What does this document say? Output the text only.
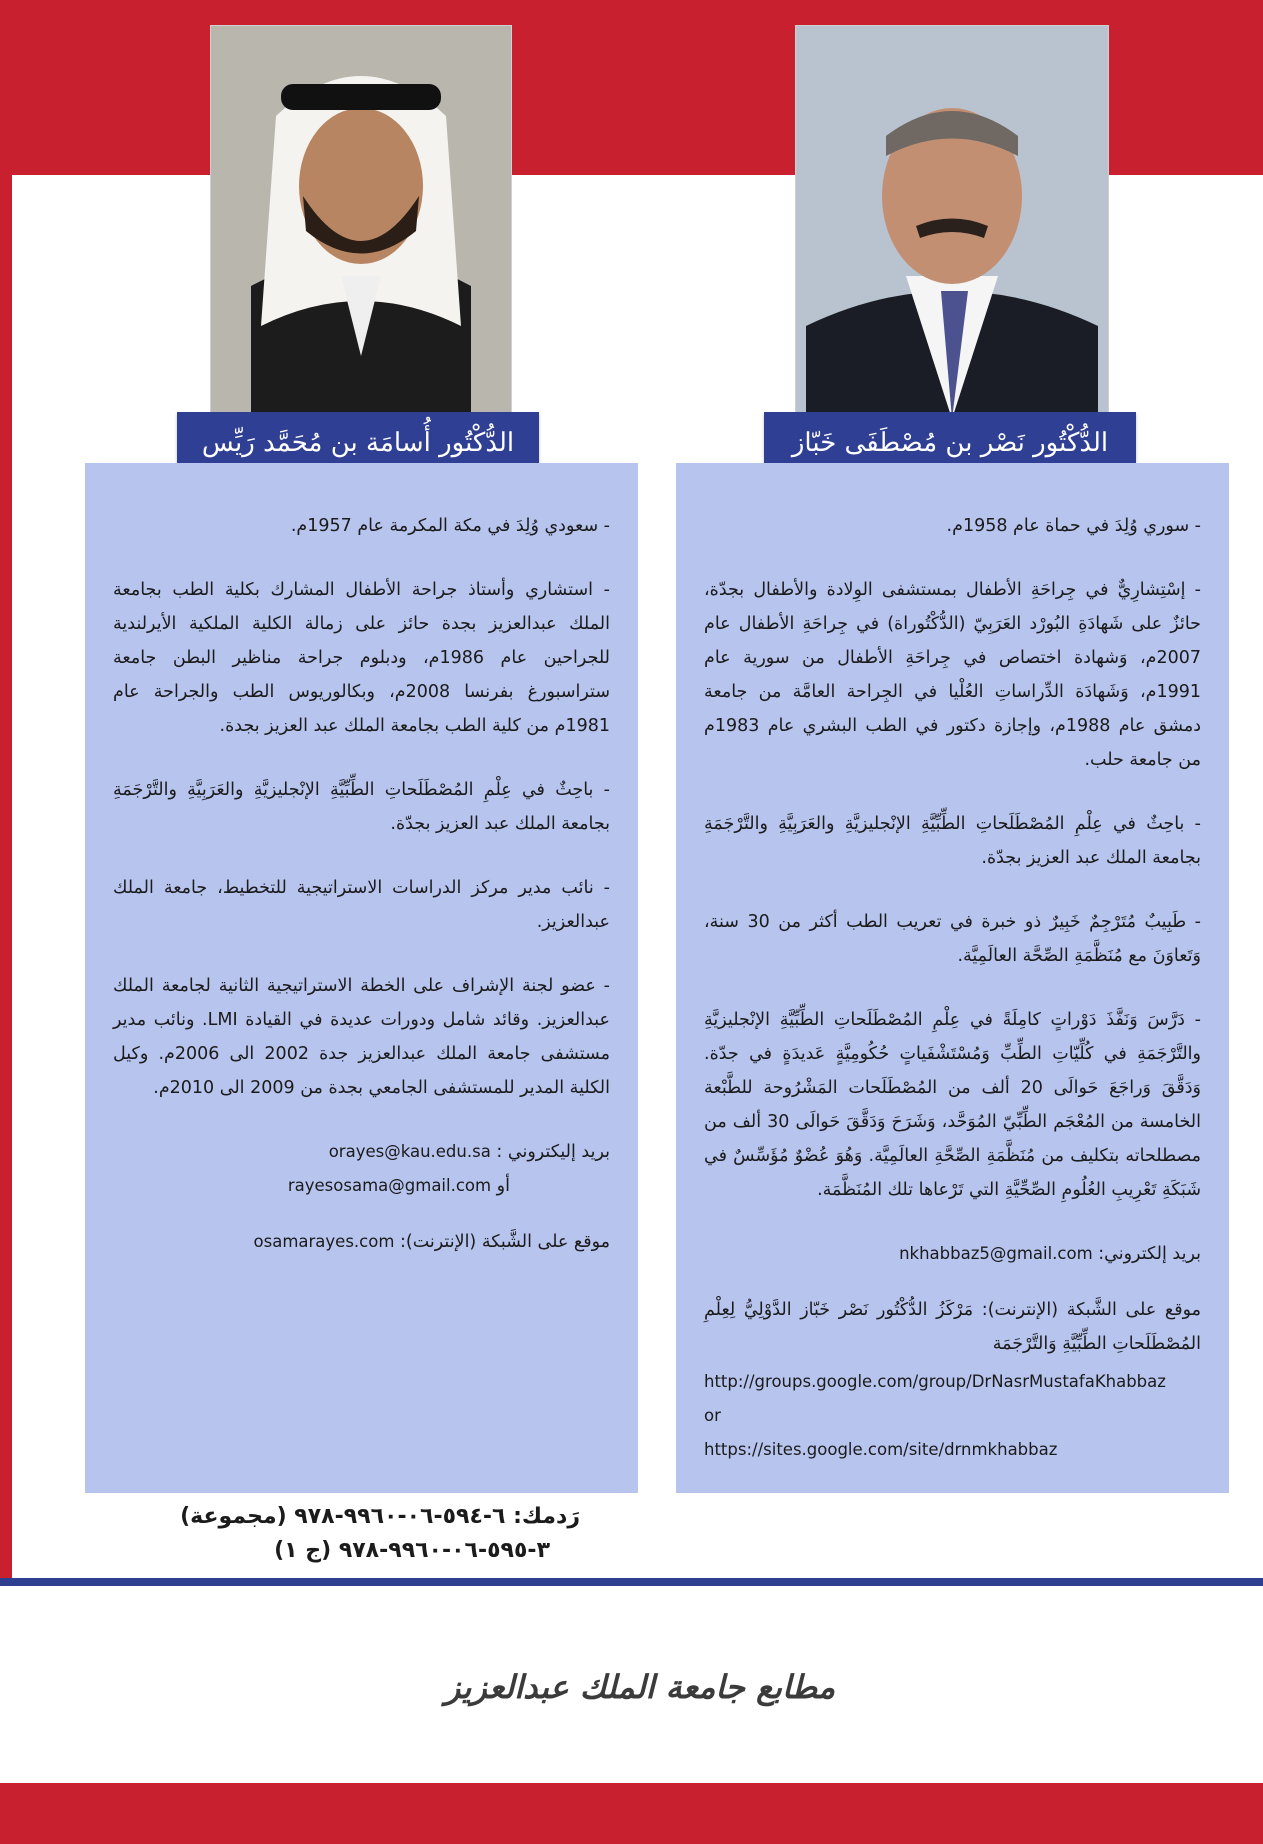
الدُّكْتُور أُسامَة بن مُحَمَّد رَيِّس	الدُّكْتُور نَصْر بن مُصْطَفَى خَبّاز

- سعودي وُلِدَ في مكة المكرمة عام 1957م.

- استشاري وأستاذ جراحة الأطفال المشارك بكلية الطب بجامعة الملك عبدالعزيز بجدة حائز على زمالة الكلية الملكية الأيرلندية للجراحين عام 1986م، ودبلوم جراحة مناظير البطن جامعة ستراسبورغ بفرنسا 2008م، وبكالوريوس الطب والجراحة عام 1981م من كلية الطب بجامعة الملك عبد العزيز بجدة.

- باحِثٌ في عِلْمِ المُصْطَلَحاتِ الطِّبِّيَّةِ الإنْجليزيَّةِ والعَرَبِيَّةِ والتَّرْجَمَةِ بجامعة الملك عبد العزيز بجدّة.

- نائب مدير مركز الدراسات الاستراتيجية للتخطيط، جامعة الملك عبدالعزيز.

- عضو لجنة الإشراف على الخطة الاستراتيجية الثانية لجامعة الملك عبدالعزيز. وقائد شامل ودورات عديدة في القيادة LMI. ونائب مدير مستشفى جامعة الملك عبدالعزيز جدة 2002 الى 2006م. وكيل الكلية المدير للمستشفى الجامعي بجدة من 2009 الى 2010م.

بريد إليكتروني : orayes@kau.edu.sa
أو rayesosama@gmail.com
موقع على الشَّبكة (الإنترنت): osamarayes.com

- سوري وُلِدَ في حماة عام 1958م.

- إسْتِشارِيٌّ في جِراحَةِ الأطفال بمستشفى الوِلادة والأطفال بجدّة، حائزٌ على شَهادَةِ البُورْد العَرَبِيّ (الدُّكْتُوراة) في جِراحَةِ الأطفال عام 2007م، وَشهادة اختصاص في جِراحَةِ الأطفال من سورية عام 1991م، وَشَهادَة الدِّراساتِ العُلْيا في الجِراحة العامَّة من جامعة دمشق عام 1988م، وإجازة دكتور في الطب البشري عام 1983م من جامعة حلب.

- باحِثٌ في عِلْمِ المُصْطَلَحاتِ الطِّبِّيَّةِ الإنْجليزيَّةِ والعَرَبِيَّةِ والتَّرْجَمَةِ بجامعة الملك عبد العزيز بجدّة.

- طَبِيبٌ مُتَرْجِمٌ خَبِيرٌ ذو خبرة في تعريب الطب أكثر من 30 سنة، وَتَعاوَنَ مع مُنَظَّمَةِ الصِّحَّة العالَمِيَّة.

- دَرَّسَ وَنَفَّذَ دَوْراتٍ كامِلَةً في عِلْمِ المُصْطَلَحاتِ الطِّبِّيَّةِ الإنْجليزيَّةِ والتَّرْجَمَةِ في كُلِّيّاتِ الطِّبِّ وَمُسْتَشْفَياتٍ حُكُومِيَّةٍ عَديدَةٍ في جدّة. وَدَقَّقَ وَراجَعَ حَوالَى 20 ألف من المُصْطَلَحات المَشْرُوحة للطَّبْعة الخامسة من المُعْجَم الطِّبِّيّ المُوَحَّد، وَشَرَحَ وَدَقَّقَ حَوالَى 30 ألف من مصطلحاته بتكليف من مُنَظَّمَةِ الصِّحَّةِ العالَمِيَّة. وَهُوَ عُضْوٌ مُؤَسِّسٌ في شَبَكَةِ تَعْرِيبِ العُلُومِ الصِّحِّيَّةِ التي تَرْعاها تلك المُنَظَّمَة.

بريد إلكتروني: nkhabbaz5@gmail.com
موقع على الشَّبكة (الإنترنت): مَرْكَزُ الدُّكْتُور نَصْر خَبّاز الدَّوْلِيُّ لِعِلْمِ المُصْطَلَحاتِ الطِّبِّيَّةِ وَالتَّرْجَمَة
http://groups.google.com/group/DrNasrMustafaKhabbaz
or
https://sites.google.com/site/drnmkhabbaz
رَدمك: ٦-٥٩٤-٠٦-٩٩٦٠-٩٧٨ (مجموعة)
٣-٥٩٥-٠٦-٩٩٦٠-٩٧٨ (ج ١)
مطابع جامعة الملك عبدالعزيز
